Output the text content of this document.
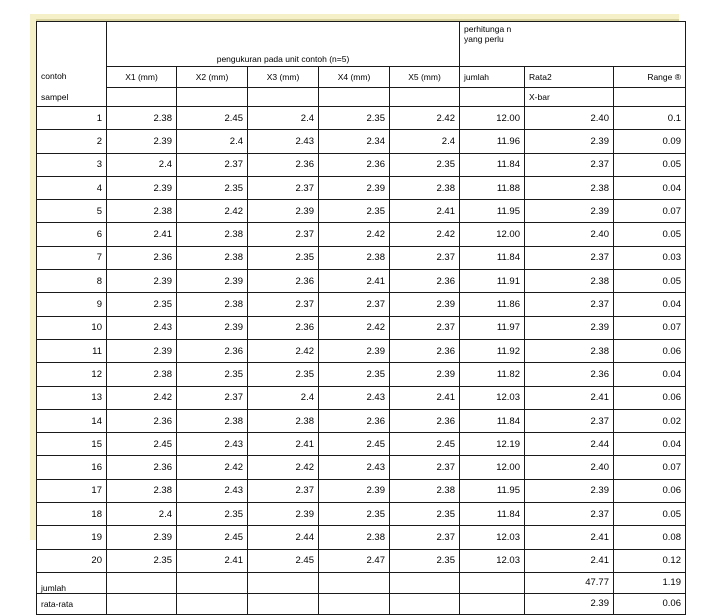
contoh	pengukuran pada unit contoh (n=5)					perhitunga n yang perlu		
	X1 (mm)	X2 (mm)	X3 (mm)	X4 (mm)	X5 (mm)	jumlah	Rata2	Range ®
sampel							X-bar	
1	2.38	2.45	2.4	2.35	2.42	12.00	2.40	0.1
2	2.39	2.4	2.43	2.34	2.4	11.96	2.39	0.09
3	2.4	2.37	2.36	2.36	2.35	11.84	2.37	0.05
4	2.39	2.35	2.37	2.39	2.38	11.88	2.38	0.04
5	2.38	2.42	2.39	2.35	2.41	11.95	2.39	0.07
6	2.41	2.38	2.37	2.42	2.42	12.00	2.40	0.05
7	2.36	2.38	2.35	2.38	2.37	11.84	2.37	0.03
8	2.39	2.39	2.36	2.41	2.36	11.91	2.38	0.05
9	2.35	2.38	2.37	2.37	2.39	11.86	2.37	0.04
10	2.43	2.39	2.36	2.42	2.37	11.97	2.39	0.07
11	2.39	2.36	2.42	2.39	2.36	11.92	2.38	0.06
12	2.38	2.35	2.35	2.35	2.39	11.82	2.36	0.04
13	2.42	2.37	2.4	2.43	2.41	12.03	2.41	0.06
14	2.36	2.38	2.38	2.36	2.36	11.84	2.37	0.02
15	2.45	2.43	2.41	2.45	2.45	12.19	2.44	0.04
16	2.36	2.42	2.42	2.43	2.37	12.00	2.40	0.07
17	2.38	2.43	2.37	2.39	2.38	11.95	2.39	0.06
18	2.4	2.35	2.39	2.35	2.35	11.84	2.37	0.05
19	2.39	2.45	2.44	2.38	2.37	12.03	2.41	0.08
20	2.35	2.41	2.45	2.47	2.35	12.03	2.41	0.12
jumlah							47.77	1.19
rata-rata							2.39	0.06
